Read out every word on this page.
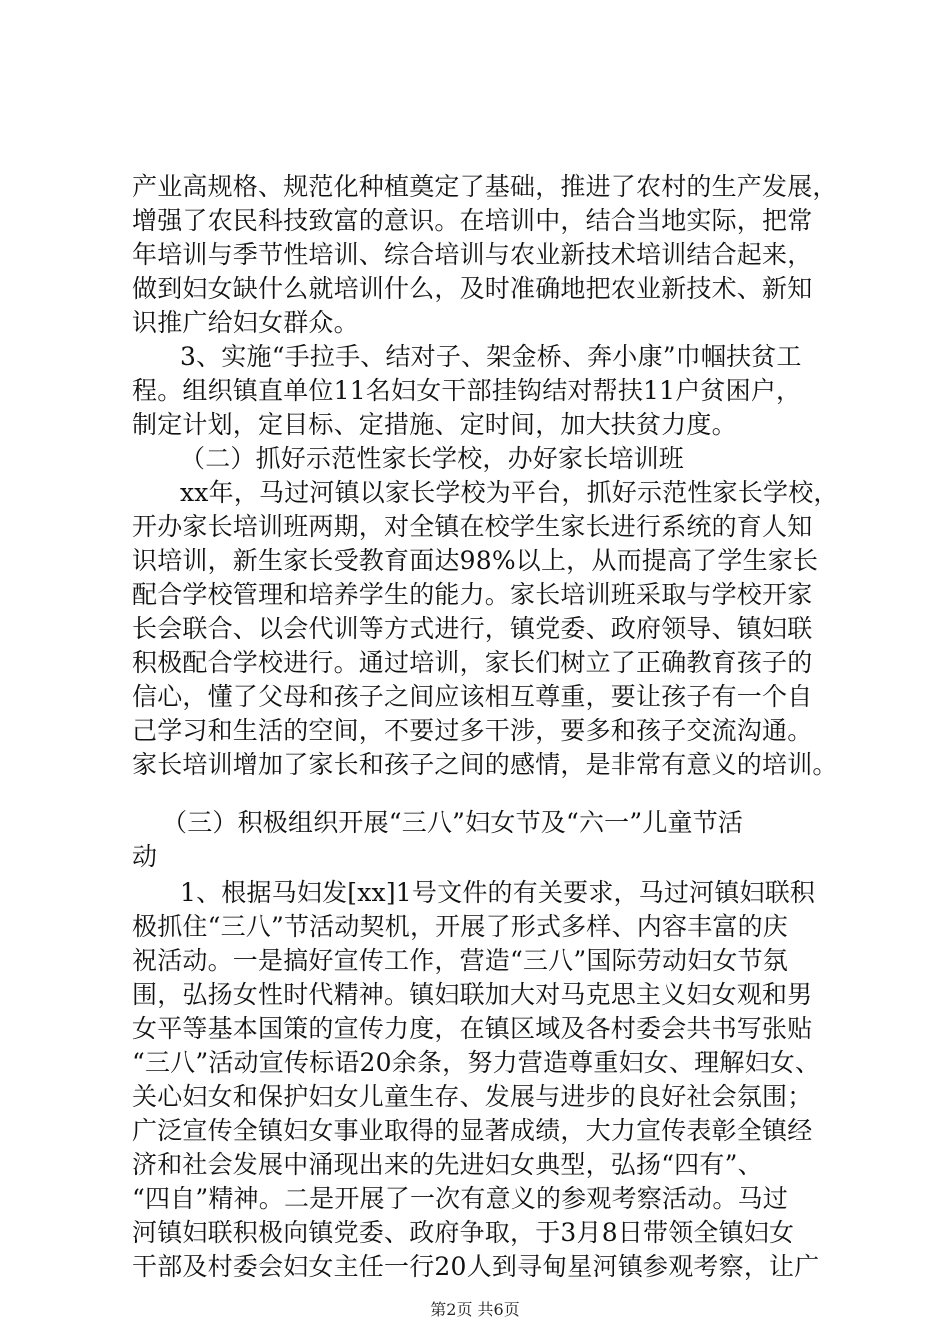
产业高规格、规范化种植奠定了基础，推进了农村的生产发展，
增强了农民科技致富的意识。在培训中，结合当地实际，把常
年培训与季节性培训、综合培训与农业新技术培训结合起来，
做到妇女缺什么就培训什么，及时准确地把农业新技术、新知
识推广给妇女群众。
3、实施“手拉手、结对子、架金桥、奔小康”巾帼扶贫工
程。组织镇直单位11名妇女干部挂钩结对帮扶11户贫困户，
制定计划，定目标、定措施、定时间，加大扶贫力度。
（二）抓好示范性家长学校，办好家长培训班
xx年，马过河镇以家长学校为平台，抓好示范性家长学校，
开办家长培训班两期，对全镇在校学生家长进行系统的育人知
识培训，新生家长受教育面达98%以上，从而提高了学生家长
配合学校管理和培养学生的能力。家长培训班采取与学校开家
长会联合、以会代训等方式进行，镇党委、政府领导、镇妇联
积极配合学校进行。通过培训，家长们树立了正确教育孩子的
信心，懂了父母和孩子之间应该相互尊重，要让孩子有一个自
己学习和生活的空间，不要过多干涉，要多和孩子交流沟通。
家长培训增加了家长和孩子之间的感情，是非常有意义的培训。
（三）积极组织开展“三八”妇女节及“六一”儿童节活
动
1、根据马妇发[xx]1号文件的有关要求，马过河镇妇联积
极抓住“三八”节活动契机，开展了形式多样、内容丰富的庆
祝活动。一是搞好宣传工作，营造“三八”国际劳动妇女节氛
围，弘扬女性时代精神。镇妇联加大对马克思主义妇女观和男
女平等基本国策的宣传力度，在镇区域及各村委会共书写张贴
“三八”活动宣传标语20余条，努力营造尊重妇女、理解妇女、
关心妇女和保护妇女儿童生存、发展与进步的良好社会氛围；
广泛宣传全镇妇女事业取得的显著成绩，大力宣传表彰全镇经
济和社会发展中涌现出来的先进妇女典型，弘扬“四有”、
“四自”精神。二是开展了一次有意义的参观考察活动。马过
河镇妇联积极向镇党委、政府争取，于3月8日带领全镇妇女
干部及村委会妇女主任一行20人到寻甸星河镇参观考察，让广
第2页 共6页
